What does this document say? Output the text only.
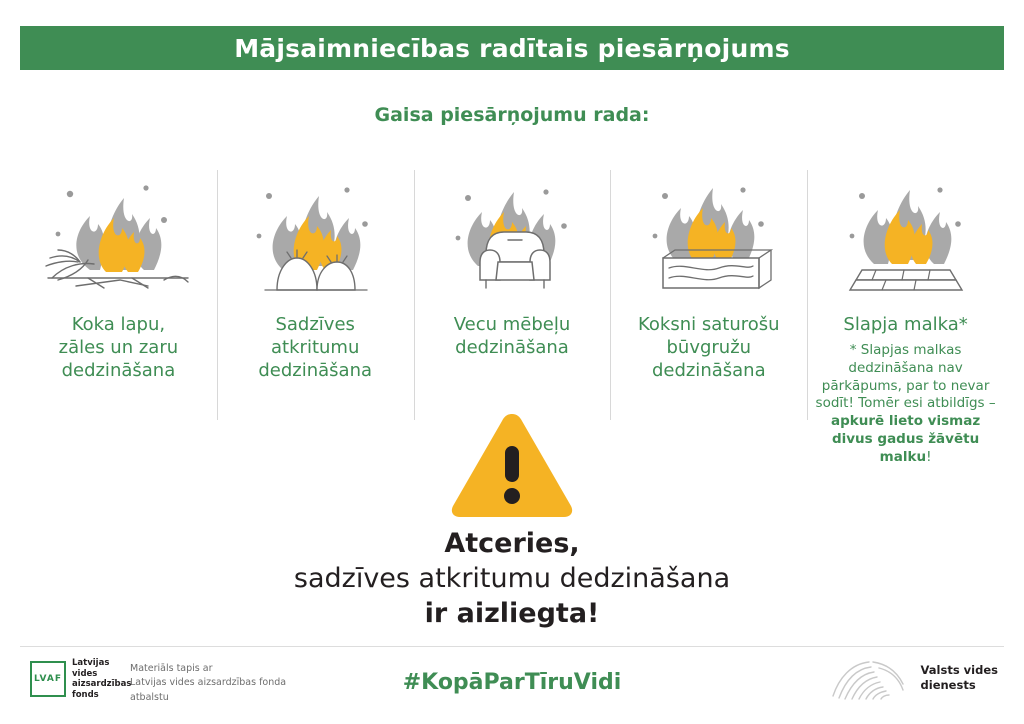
Mājsaimniecības radītais piesārņojums
Gaisa piesārņojumu rada:
Koka lapu,
zāles un zaru
dedzināšana
Sadzīves
atkritumu
dedzināšana
Vecu mēbeļu
dedzināšana
Koksni saturošu
būvgružu
dedzināšana
Slapja malka*
* Slapjas malkas dedzināšana nav pārkāpums, par to nevar sodīt! Tomēr esi atbildīgs – apkurē lieto vismaz divus gadus žāvētu malku!
Atceries,
sadzīves atkritumu dedzināšana
ir aizliegta!
LVAF
Latvijas
vides
aizsardzības
fonds
Materiāls tapis ar
Latvijas vides aizsardzības fonda
atbalstu
#KopāParTīruVidi	Valsts vides
dienests
